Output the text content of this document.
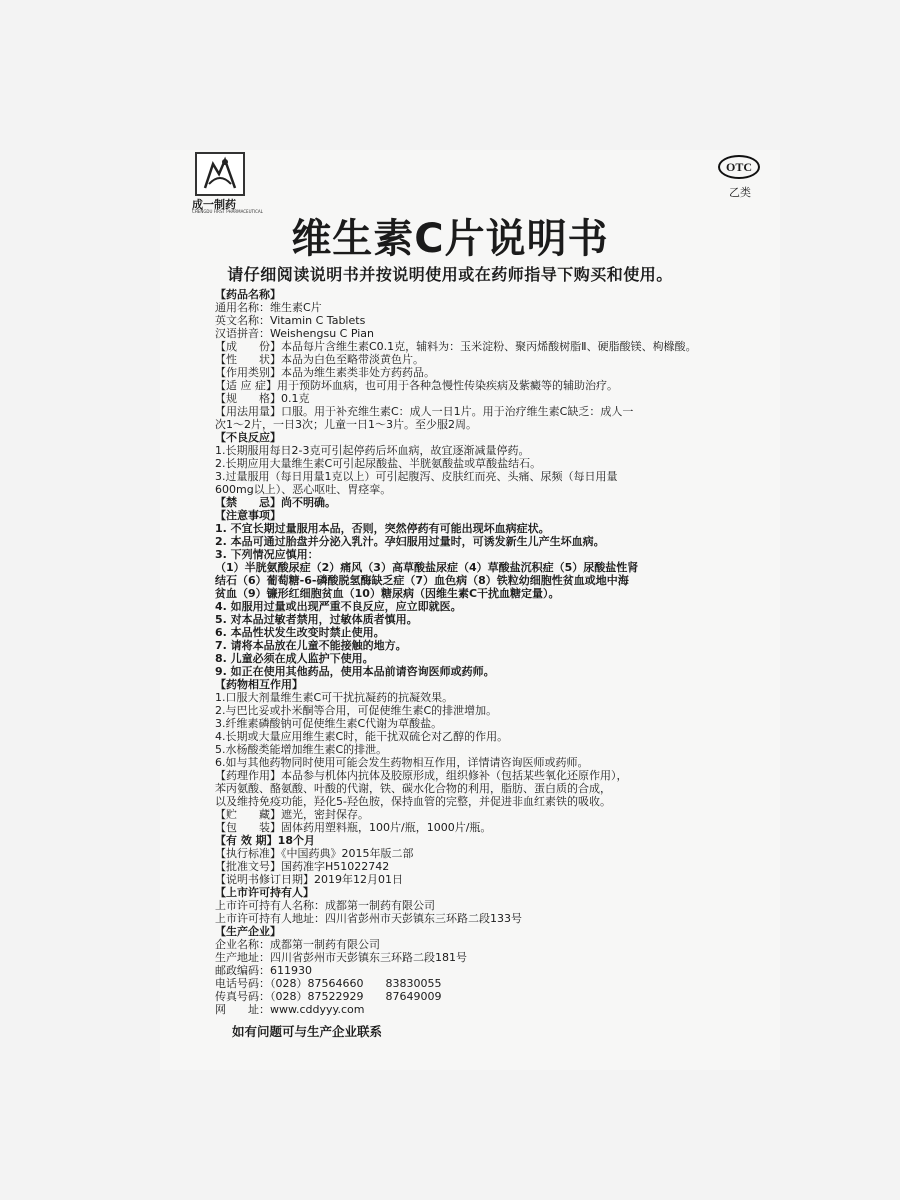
成一制药
CHENGDU FIRST PHARMACEUTICAL
OTC
乙类
维生素C片说明书
请仔细阅读说明书并按说明使用或在药师指导下购买和使用。
【药品名称】
通用名称：维生素C片
英文名称：Vitamin C Tablets
汉语拼音：Weishengsu C Pian
【成　　份】本品每片含维生素C0.1克，辅料为：玉米淀粉、聚丙烯酸树脂Ⅱ、硬脂酸镁、枸橼酸。
【性　　状】本品为白色至略带淡黄色片。
【作用类别】本品为维生素类非处方药药品。
【适 应 症】用于预防坏血病，也可用于各种急慢性传染疾病及紫癜等的辅助治疗。
【规　　格】0.1克
【用法用量】口服。用于补充维生素C：成人一日1片。用于治疗维生素C缺乏：成人一
次1～2片，一日3次；儿童一日1～3片。至少服2周。
【不良反应】
1.长期服用每日2-3克可引起停药后坏血病，故宜逐渐减量停药。
2.长期应用大量维生素C可引起尿酸盐、半胱氨酸盐或草酸盐结石。
3.过量服用（每日用量1克以上）可引起腹泻、皮肤红而亮、头痛、尿频（每日用量
600mg以上）、恶心呕吐、胃痉挛。
【禁　　忌】尚不明确。
【注意事项】
1. 不宜长期过量服用本品，否则，突然停药有可能出现坏血病症状。
2. 本品可通过胎盘并分泌入乳汁。孕妇服用过量时，可诱发新生儿产生坏血病。
3. 下列情况应慎用：
（1）半胱氨酸尿症（2）痛风（3）高草酸盐尿症（4）草酸盐沉积症（5）尿酸盐性肾
结石（6）葡萄糖-6-磷酸脱氢酶缺乏症（7）血色病（8）铁粒幼细胞性贫血或地中海
贫血（9）镰形红细胞贫血（10）糖尿病（因维生素C干扰血糖定量）。
4. 如服用过量或出现严重不良反应，应立即就医。
5. 对本品过敏者禁用，过敏体质者慎用。
6. 本品性状发生改变时禁止使用。
7. 请将本品放在儿童不能接触的地方。
8. 儿童必须在成人监护下使用。
9. 如正在使用其他药品，使用本品前请咨询医师或药师。
【药物相互作用】
1.口服大剂量维生素C可干扰抗凝药的抗凝效果。
2.与巴比妥或扑米酮等合用，可促使维生素C的排泄增加。
3.纤维素磷酸钠可促使维生素C代谢为草酸盐。
4.长期或大量应用维生素C时，能干扰双硫仑对乙醇的作用。
5.水杨酸类能增加维生素C的排泄。
6.如与其他药物同时使用可能会发生药物相互作用，详情请咨询医师或药师。
【药理作用】本品参与机体内抗体及胶原形成，组织修补（包括某些氧化还原作用），
苯丙氨酸、酪氨酸、叶酸的代谢，铁、碳水化合物的利用，脂肪、蛋白质的合成，
以及维持免疫功能，羟化5-羟色胺，保持血管的完整，并促进非血红素铁的吸收。
【贮　　藏】遮光，密封保存。
【包　　装】固体药用塑料瓶，100片/瓶，1000片/瓶。
【有 效 期】18个月
【执行标准】《中国药典》2015年版二部
【批准文号】国药准字H51022742
【说明书修订日期】2019年12月01日
【上市许可持有人】
上市许可持有人名称：成都第一制药有限公司
上市许可持有人地址：四川省彭州市天彭镇东三环路二段133号
【生产企业】
企业名称：成都第一制药有限公司
生产地址：四川省彭州市天彭镇东三环路二段181号
邮政编码：611930
电话号码：（028）87564660　　83830055
传真号码：（028）87522929　　87649009
网　　址：www.cddyyy.com
如有问题可与生产企业联系
